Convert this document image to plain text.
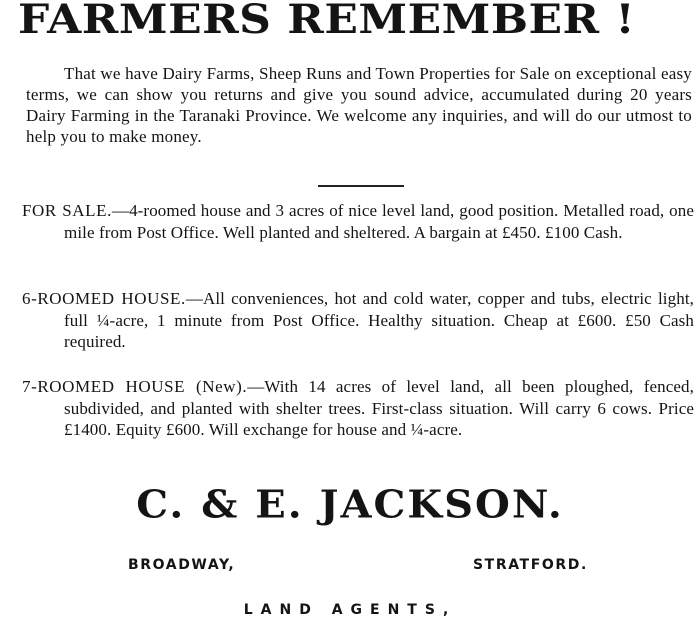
FARMERS REMEMBER !

That we have Dairy Farms, Sheep Runs and Town Properties for Sale on exceptional easy terms, we can show you returns and give you sound advice, accumulated during 20 years Dairy Farming in the Taranaki Province. We welcome any inquiries, and will do our utmost to help you to make money.

FOR SALE.—4-roomed house and 3 acres of nice level land, good position. Metalled road, one mile from Post Office. Well planted and sheltered. A bargain at £450. £100 Cash.

6-ROOMED HOUSE.—All conveniences, hot and cold water, copper and tubs, electric light, full ¼-acre, 1 minute from Post Office. Healthy situation. Cheap at £600. £50 Cash required.

7-ROOMED HOUSE (New).—With 14 acres of level land, all been ploughed, fenced, subdivided, and planted with shelter trees. First-class situation. Will carry 6 cows. Price £1400. Equity £600. Will exchange for house and ¼-acre.

C. & E. JACKSON.
BROADWAY,	STRATFORD.
LAND AGENTS,
